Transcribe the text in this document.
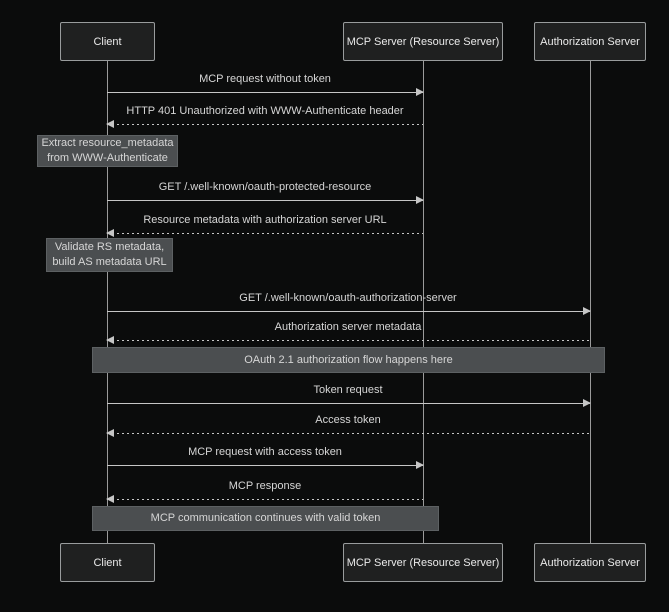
Client	MCP Server (Resource Server)	Authorization Server
MCP request without token
HTTP 401 Unauthorized with WWW-Authenticate header
Extract resource_metadata
from WWW-Authenticate
GET /.well-known/oauth-protected-resource
Resource metadata with authorization server URL
Validate RS metadata,
build AS metadata URL
GET /.well-known/oauth-authorization-server
Authorization server metadata
OAuth 2.1 authorization flow happens here
Token request
Access token
MCP request with access token
MCP response
MCP communication continues with valid token
Client	MCP Server (Resource Server)	Authorization Server
